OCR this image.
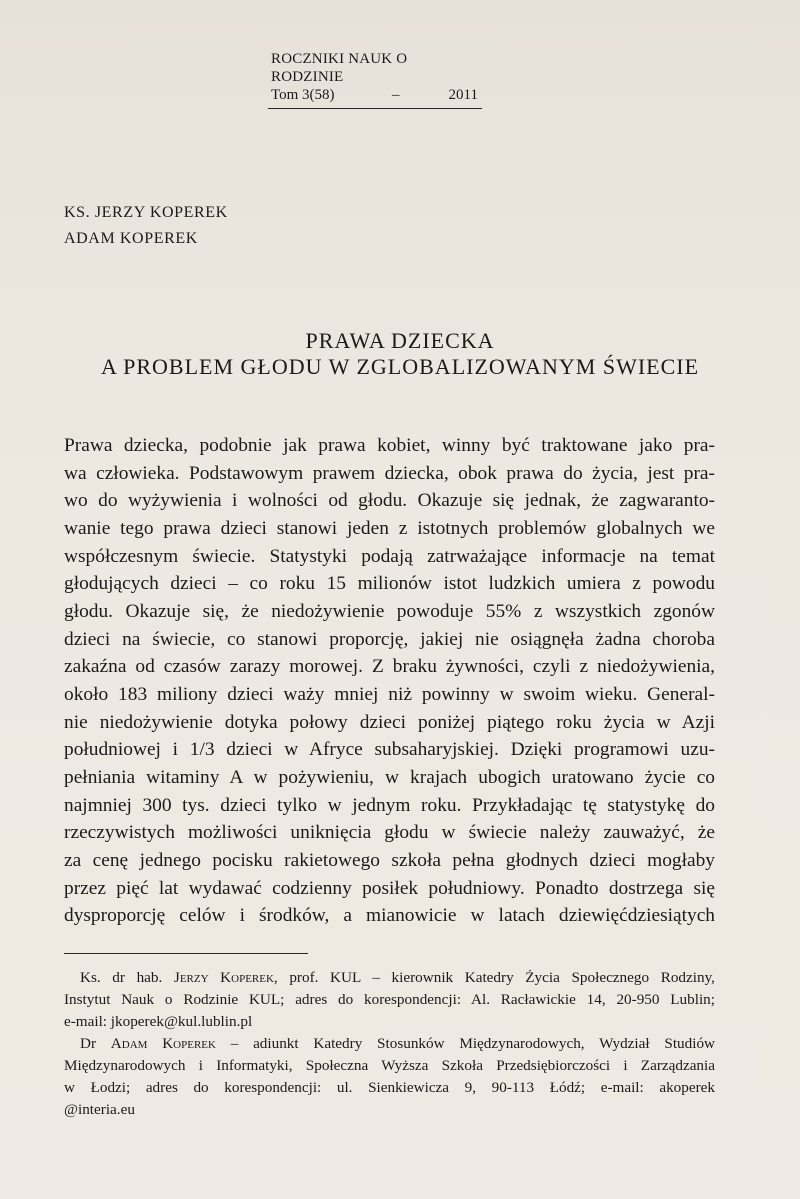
ROCZNIKI NAUK O RODZINIE
Tom 3(58)	–	2011
KS. JERZY KOPEREK
ADAM KOPEREK
PRAWA DZIECKA
A PROBLEM GŁODU W ZGLOBALIZOWANYM ŚWIECIE
Prawa dziecka, podobnie jak prawa kobiet, winny być traktowane jako pra-
wa człowieka. Podstawowym prawem dziecka, obok prawa do życia, jest pra-
wo do wyżywienia i wolności od głodu. Okazuje się jednak, że zagwaranto-
wanie tego prawa dzieci stanowi jeden z istotnych problemów globalnych we
współczesnym świecie. Statystyki podają zatrważające informacje na temat
głodujących dzieci – co roku 15 milionów istot ludzkich umiera z powodu
głodu. Okazuje się, że niedożywienie powoduje 55% z wszystkich zgonów
dzieci na świecie, co stanowi proporcję, jakiej nie osiągnęła żadna choroba
zakaźna od czasów zarazy morowej. Z braku żywności, czyli z niedożywienia,
około 183 miliony dzieci waży mniej niż powinny w swoim wieku. General-
nie niedożywienie dotyka połowy dzieci poniżej piątego roku życia w Azji
południowej i 1/3 dzieci w Afryce subsaharyjskiej. Dzięki programowi uzu-
pełniania witaminy A w pożywieniu, w krajach ubogich uratowano życie co
najmniej 300 tys. dzieci tylko w jednym roku. Przykładając tę statystykę do
rzeczywistych możliwości uniknięcia głodu w świecie należy zauważyć, że
za cenę jednego pocisku rakietowego szkoła pełna głodnych dzieci mogłaby
przez pięć lat wydawać codzienny posiłek południowy. Ponadto dostrzega się
dysproporcję celów i środków, a mianowicie w latach dziewięćdziesiątych
Ks. dr hab. Jerzy Koperek, prof. KUL – kierownik Katedry Życia Społecznego Rodziny,
Instytut Nauk o Rodzinie KUL; adres do korespondencji: Al. Racławickie 14, 20-950 Lublin;
e-mail: jkoperek@kul.lublin.pl
Dr Adam Koperek – adiunkt Katedry Stosunków Międzynarodowych, Wydział Studiów
Międzynarodowych i Informatyki, Społeczna Wyższa Szkoła Przedsiębiorczości i Zarządzania
w Łodzi; adres do korespondencji: ul. Sienkiewicza 9, 90-113 Łódź; e-mail: akoperek
@interia.eu
